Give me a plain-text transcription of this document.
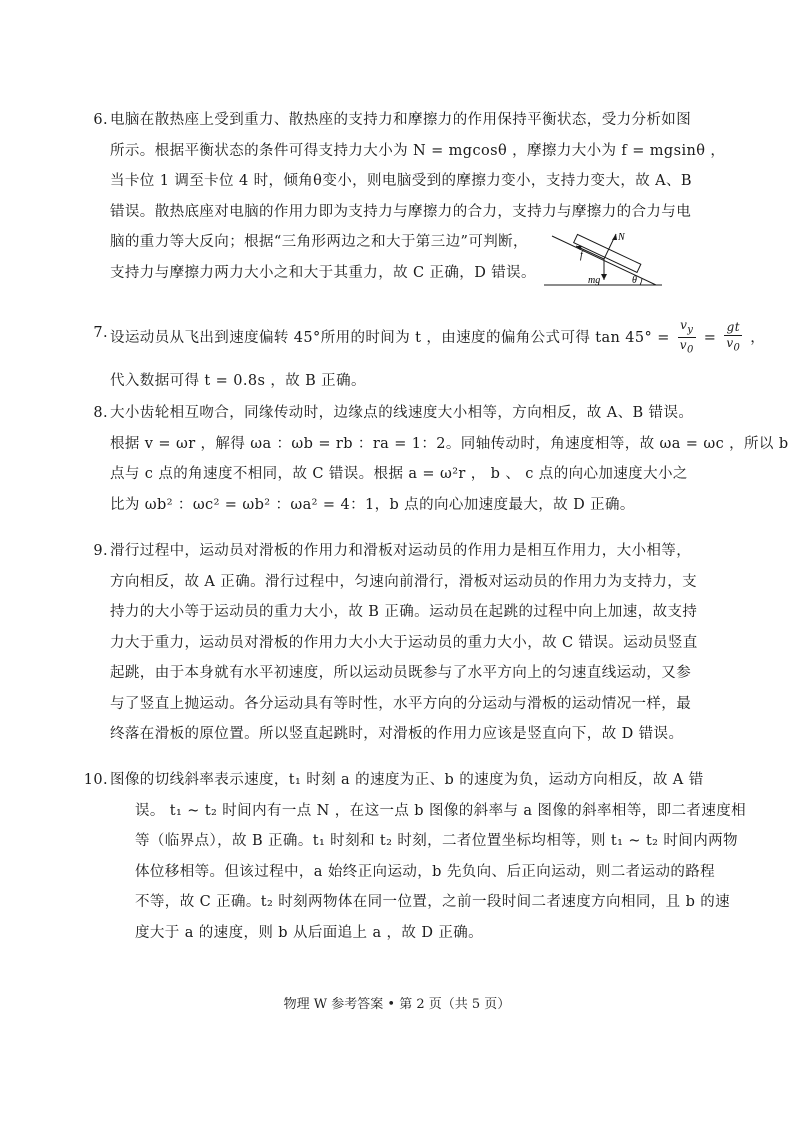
6. 电脑在散热座上受到重力、散热座的支持力和摩擦力的作用保持平衡状态，受力分析如图
所示。根据平衡状态的条件可得支持力大小为 N = mgcosθ ，摩擦力大小为 f = mgsinθ ，
当卡位 1 调至卡位 4 时，倾角θ变小，则电脑受到的摩擦力变小，支持力变大，故 A、B
错误。散热底座对电脑的作用力即为支持力与摩擦力的合力，支持力与摩擦力的合力与电
脑的重力等大反向；根据“三角形两边之和大于第三边”可判断，
支持力与摩擦力两力大小之和大于其重力，故 C 正确，D 错误。
N
f
mg	θ
7. 设运动员从飞出到速度偏转 45°所用的时间为 t ，由速度的偏角公式可得 $\tan 45^\circ = \frac{v_y}{v_0} = \frac{gt}{v_0}$ ，
代入数据可得 t = 0.8s ，故 B 正确。
8. 大小齿轮相互吻合，同缘传动时，边缘点的线速度大小相等，方向相反，故 A、B 错误。
根据 v = ωr ，解得 ωa ：ωb = rb ：ra = 1：2。同轴传动时，角速度相等，故 ωa = ωc ，所以 b
点与 c 点的角速度不相同，故 C 错误。根据 a = ω²r ， b 、 c 点的向心加速度大小之
比为 ωb² ：ωc² = ωb² ：ωa² = 4：1，b 点的向心加速度最大，故 D 正确。
9. 滑行过程中，运动员对滑板的作用力和滑板对运动员的作用力是相互作用力，大小相等，
方向相反，故 A 正确。滑行过程中，匀速向前滑行，滑板对运动员的作用力为支持力，支
持力的大小等于运动员的重力大小，故 B 正确。运动员在起跳的过程中向上加速，故支持
力大于重力，运动员对滑板的作用力大小大于运动员的重力大小，故 C 错误。运动员竖直
起跳，由于本身就有水平初速度，所以运动员既参与了水平方向上的匀速直线运动，又参
与了竖直上抛运动。各分运动具有等时性，水平方向的分运动与滑板的运动情况一样，最
终落在滑板的原位置。所以竖直起跳时，对滑板的作用力应该是竖直向下，故 D 错误。
10. 图像的切线斜率表示速度，t₁ 时刻 a 的速度为正、b 的速度为负，运动方向相反，故 A 错
误。 t₁ ~ t₂ 时间内有一点 N ，在这一点 b 图像的斜率与 a 图像的斜率相等，即二者速度相
等（临界点），故 B 正确。t₁ 时刻和 t₂ 时刻，二者位置坐标均相等，则 t₁ ~ t₂ 时间内两物
体位移相等。但该过程中，a 始终正向运动，b 先负向、后正向运动，则二者运动的路程
不等，故 C 正确。t₂ 时刻两物体在同一位置，之前一段时间二者速度方向相同，且 b 的速
度大于 a 的速度，则 b 从后面追上 a ，故 D 正确。
物理 W 参考答案 • 第 2 页（共 5 页）
